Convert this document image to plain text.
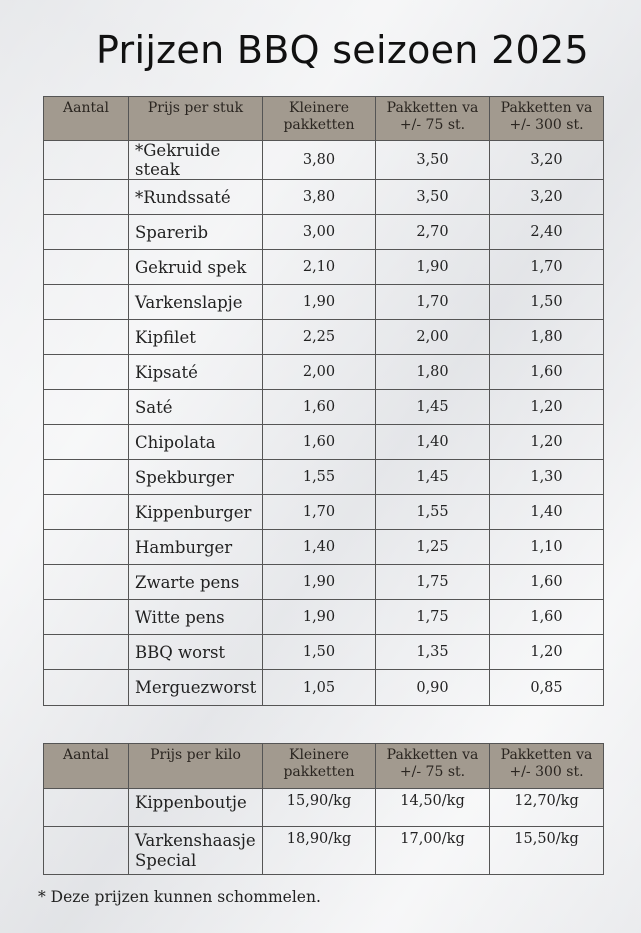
Prijzen BBQ seizoen 2025
Aantal	Prijs per stuk	Kleinere pakketten	Pakketten va +/- 75 st.	Pakketten va +/- 300 st.
	*Gekruide steak	3,80	3,50	3,20
	*Rundssaté	3,80	3,50	3,20
	Sparerib	3,00	2,70	2,40
	Gekruid spek	2,10	1,90	1,70
	Varkenslapje	1,90	1,70	1,50
	Kipfilet	2,25	2,00	1,80
	Kipsaté	2,00	1,80	1,60
	Saté	1,60	1,45	1,20
	Chipolata	1,60	1,40	1,20
	Spekburger	1,55	1,45	1,30
	Kippenburger	1,70	1,55	1,40
	Hamburger	1,40	1,25	1,10
	Zwarte pens	1,90	1,75	1,60
	Witte pens	1,90	1,75	1,60
	BBQ worst	1,50	1,35	1,20
	Merguezworst	1,05	0,90	0,85
Aantal	Prijs per kilo	Kleinere pakketten	Pakketten va +/- 75 st.	Pakketten va +/- 300 st.
	Kippenboutje	15,90/kg	14,50/kg	12,70/kg
	Varkenshaasje Special	18,90/kg	17,00/kg	15,50/kg
* Deze prijzen kunnen schommelen.
